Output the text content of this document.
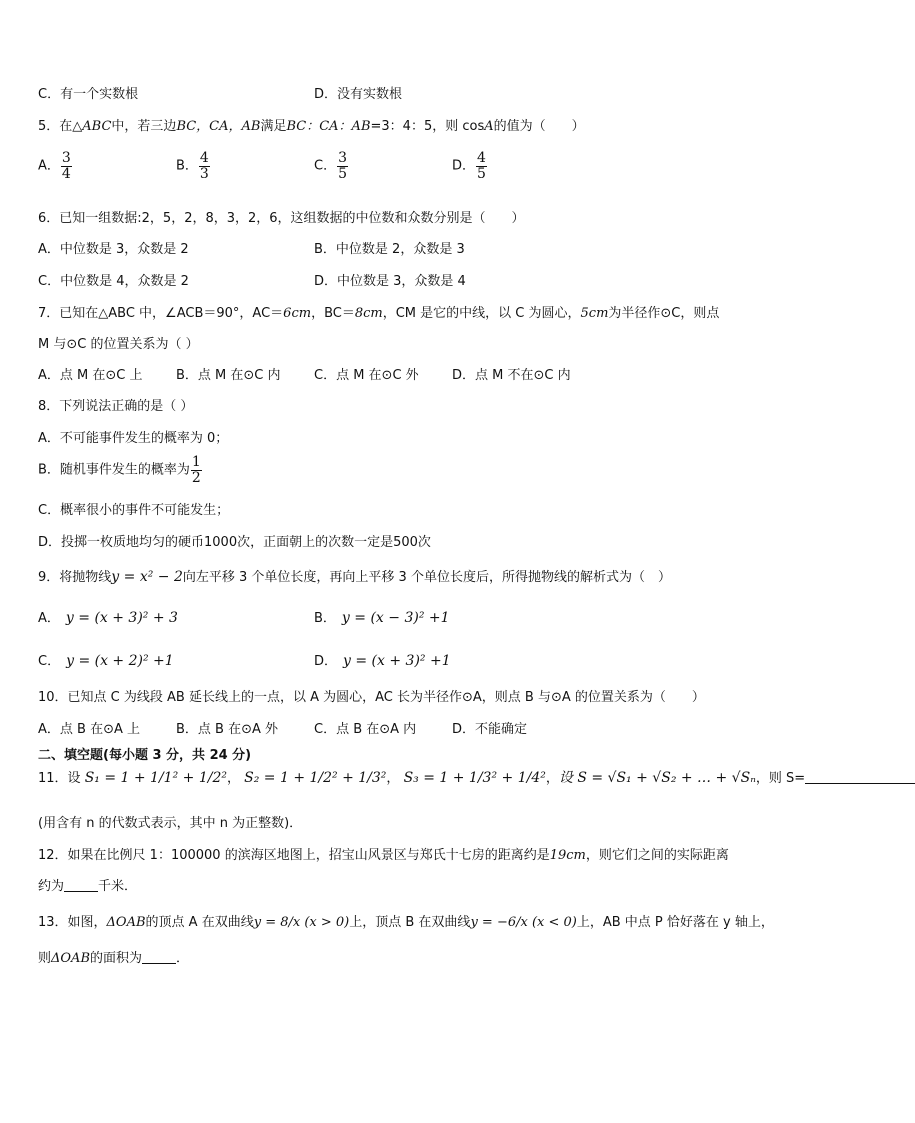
C．有一个实数根	D．没有实数根
5．在△ABC中，若三边BC，CA，AB满足BC：CA：AB=3：4：5，则 cosA的值为（　　）
A． $\frac{3}{4}$	B． $\frac{4}{3}$	C． $\frac{3}{5}$	D． $\frac{4}{5}$
6．已知一组数据:2，5，2，8，3，2，6，这组数据的中位数和众数分别是（　　）
A．中位数是 3，众数是 2	B．中位数是 2，众数是 3
C．中位数是 4，众数是 2	D．中位数是 3，众数是 4
7．已知在△ABC 中，∠ACB＝90°，AC＝6cm，BC＝8cm，CM 是它的中线，以 C 为圆心，5cm为半径作⊙C，则点
M 与⊙C 的位置关系为（ ）
A．点 M 在⊙C 上	B．点 M 在⊙C 内	C．点 M 在⊙C 外	D．点 M 不在⊙C 内
8．下列说法正确的是（ ）
A．不可能事件发生的概率为 0；
B．随机事件发生的概率为 $\frac{1}{2}$
C．概率很小的事件不可能发生；
D．投掷一枚质地均匀的硬币1000次，正面朝上的次数一定是500次
9．将抛物线y = x² − 2向左平移 3 个单位长度，再向上平移 3 个单位长度后，所得抛物线的解析式为（　）
A． y = (x + 3)² + 3	B． y = (x − 3)² +1
C． y = (x + 2)² +1	D． y = (x + 3)² +1
10．已知点 C 为线段 AB 延长线上的一点，以 A 为圆心，AC 长为半径作⊙A，则点 B 与⊙A 的位置关系为（　　）
A．点 B 在⊙A 上	B．点 B 在⊙A 外	C．点 B 在⊙A 内	D．不能确定
二、填空题(每小题 3 分，共 24 分)
11．设 S₁ = 1 + 1/1² + 1/2²， S₂ = 1 + 1/2² + 1/3²， S₃ = 1 + 1/3² + 1/4²，设 S = √S₁ + √S₂ + … + √Sₙ，则 S=
(用含有 n 的代数式表示，其中 n 为正整数)．
12．如果在比例尺 1：100000 的滨海区地图上，招宝山风景区与郑氏十七房的距离约是19cm，则它们之间的实际距离
约为	千米．
13．如图，ΔOAB的顶点 A 在双曲线y = 8/x (x > 0)上，顶点 B 在双曲线y = −6/x (x < 0)上，AB 中点 P 恰好落在 y 轴上，
则ΔOAB的面积为	．
